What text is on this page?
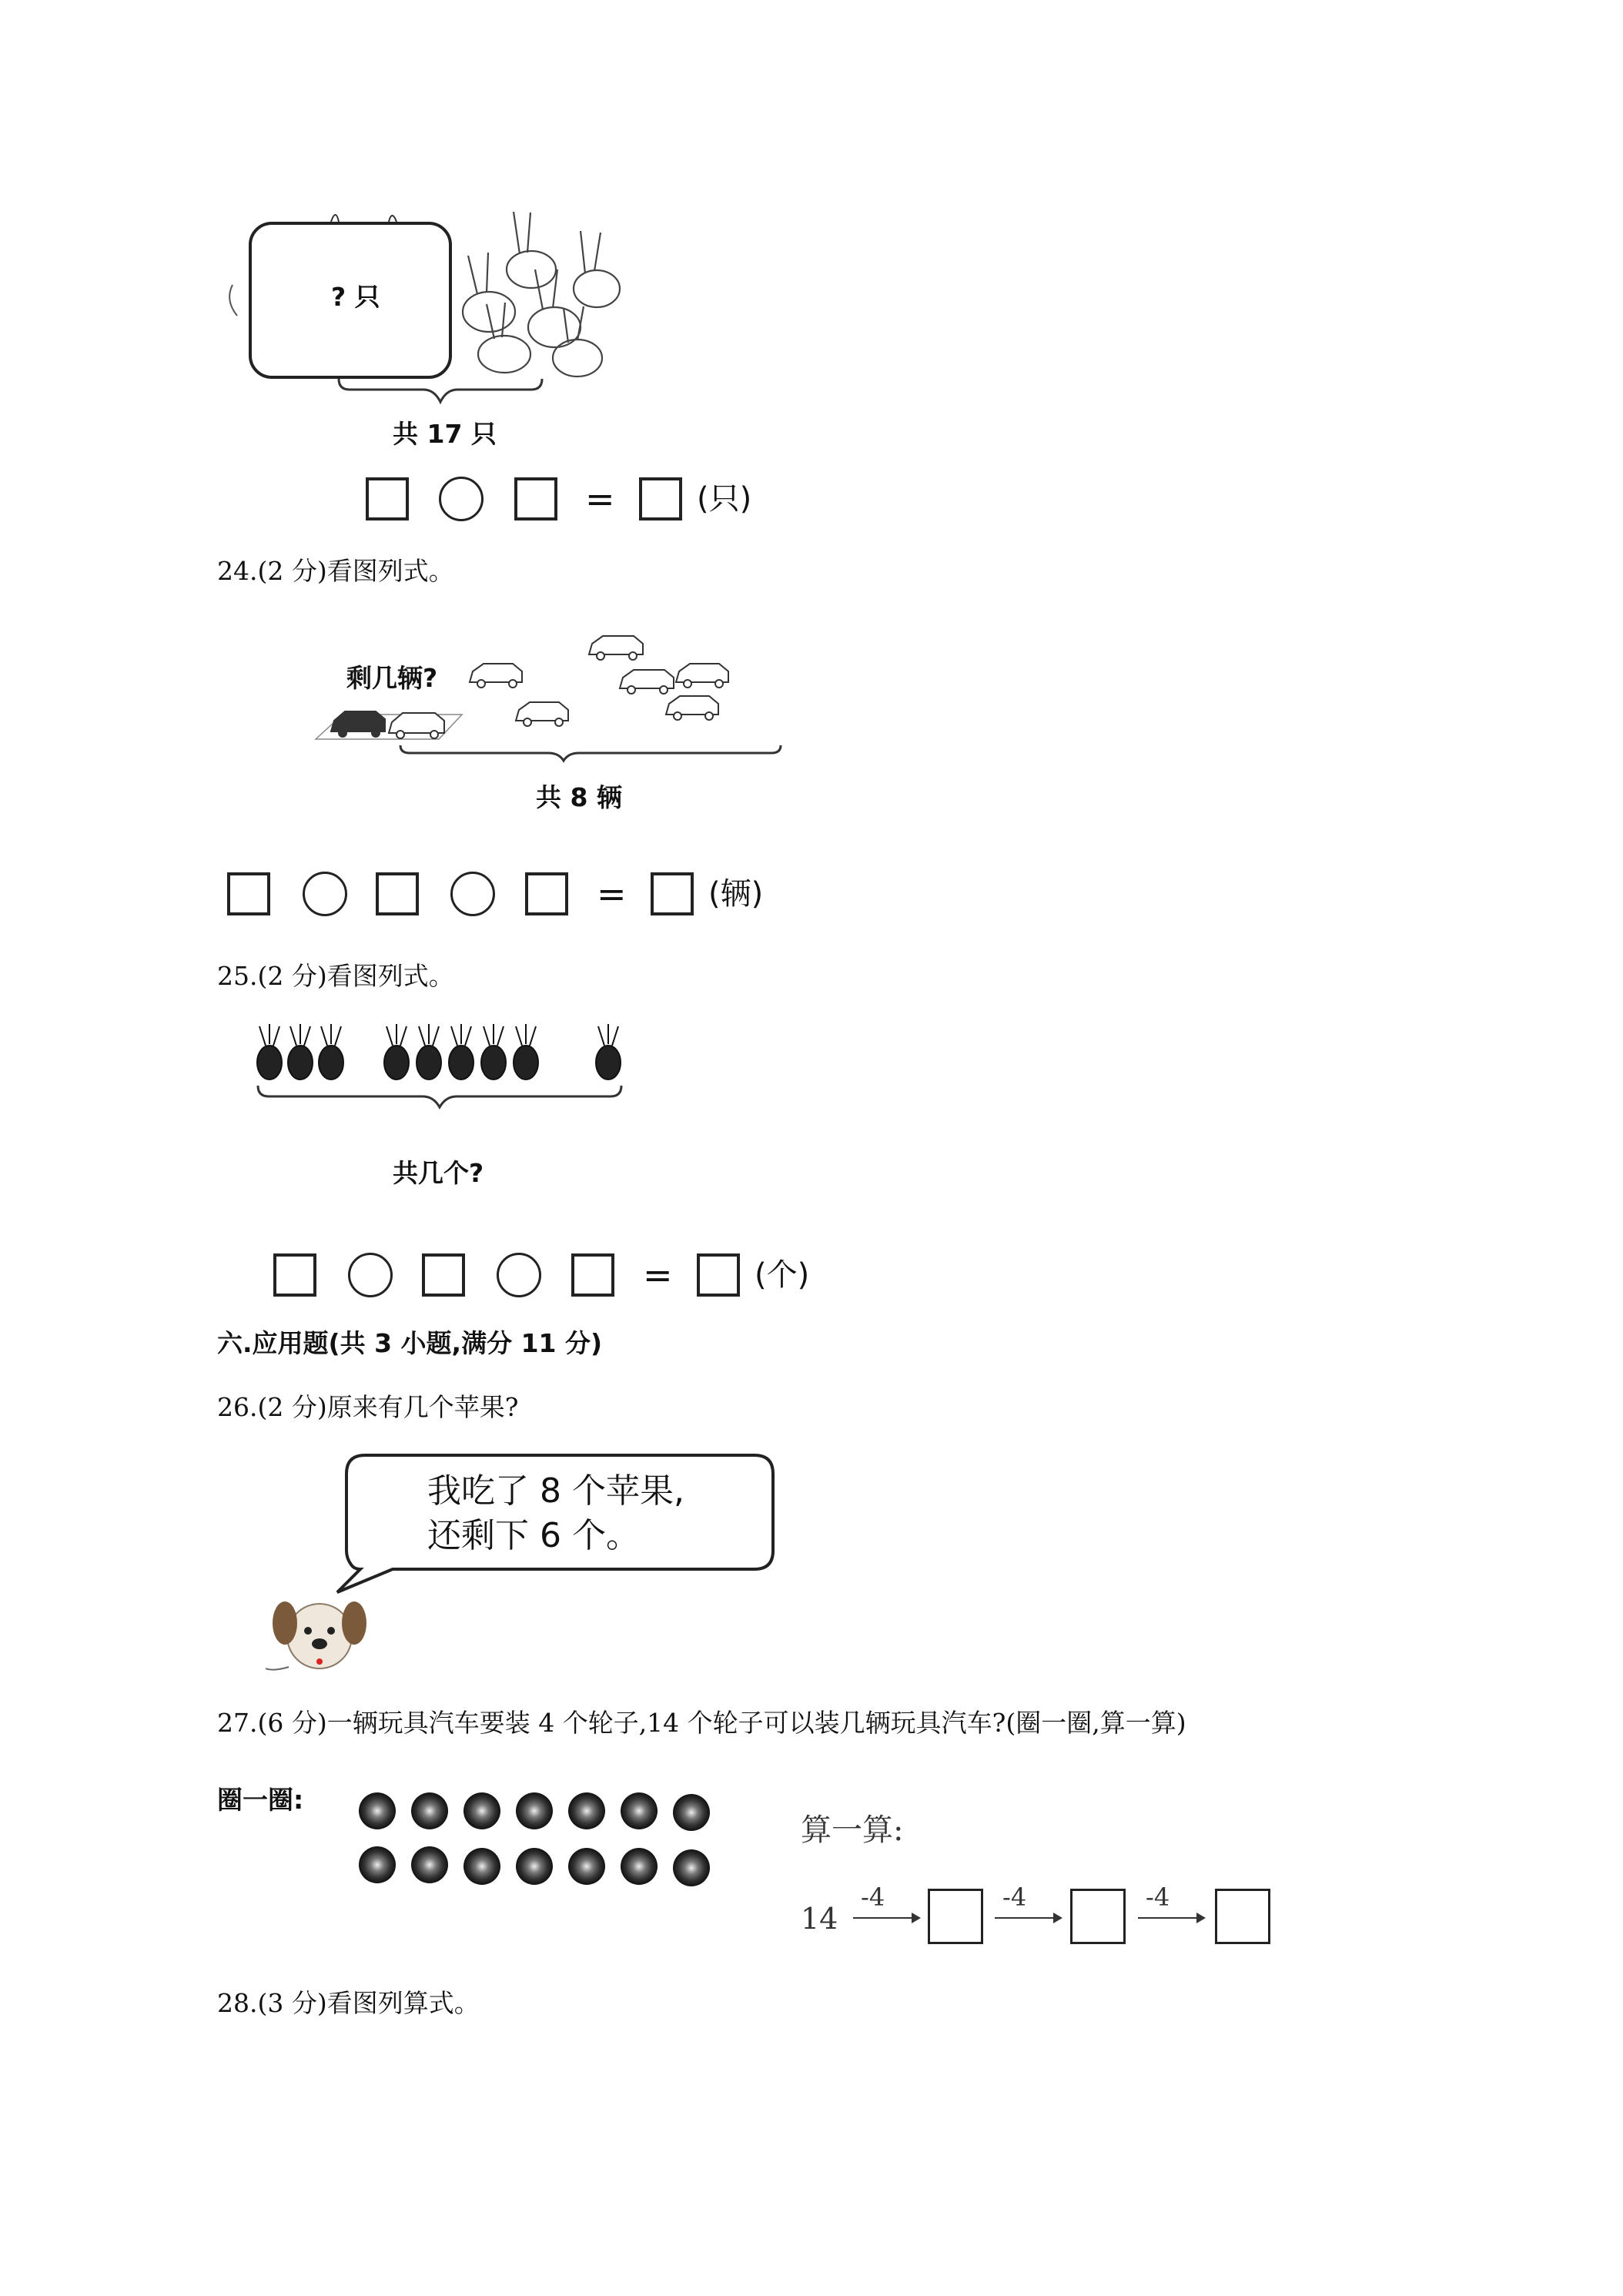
? 只
共 17 只
=	(只)
24.(2 分)看图列式。
剩几辆?
共 8 辆
=	(辆)
25.(2 分)看图列式。
共几个?
=	(个)
六.应用题(共 3 小题,满分 11 分)
26.(2 分)原来有几个苹果?
我吃了 8 个苹果,
还剩下 6 个。
27.(6 分)一辆玩具汽车要装 4 个轮子,14 个轮子可以装几辆玩具汽车?(圈一圈,算一算)
圈一圈:
算一算:
14
-4	-4	-4
28.(3 分)看图列算式。
